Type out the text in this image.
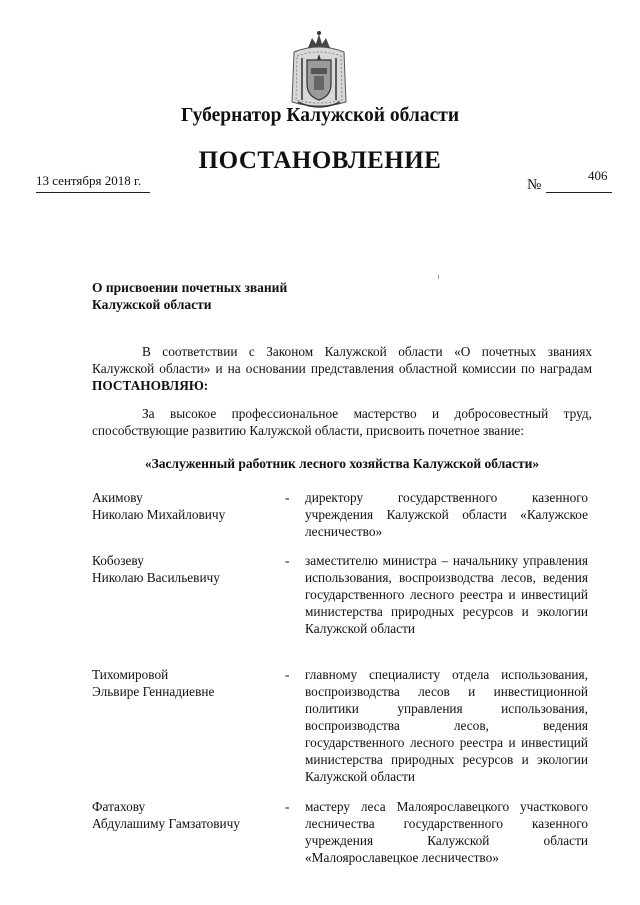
Губернатор Калужской области
ПОСТАНОВЛЕНИЕ
13 сентября 2018 г.	№
406
О присвоении почетных званий
Калужской области
В соответствии с Законом Калужской области «О почетных званиях Калужской области» и на основании представления областной комиссии по наградам ПОСТАНОВЛЯЮ:
За высокое профессиональное мастерство и добросовестный труд, способствующие развитию Калужской области, присвоить почетное звание:
«Заслуженный работник лесного хозяйства Калужской области»
Акимову
Николаю Михайловичу
- директору государственного казенного учреждения Калужской области «Калужское лесничество»
Кобозеву
Николаю Васильевичу
- заместителю министра – начальнику управления использования, воспроизводства лесов, ведения государственного лесного реестра и инвестиций министерства природных ресурсов и экологии Калужской области
Тихомировой
Эльвире Геннадиевне
- главному специалисту отдела использования, воспроизводства лесов и инвестиционной политики управления использования, воспроизводства лесов, ведения государственного лесного реестра и инвестиций министерства природных ресурсов и экологии Калужской области
Фатахову
Абдулашиму Гамзатовичу
- мастеру леса Малоярославецкого участкового лесничества государственного казенного учреждения Калужской области «Малоярославецкое лесничество»
